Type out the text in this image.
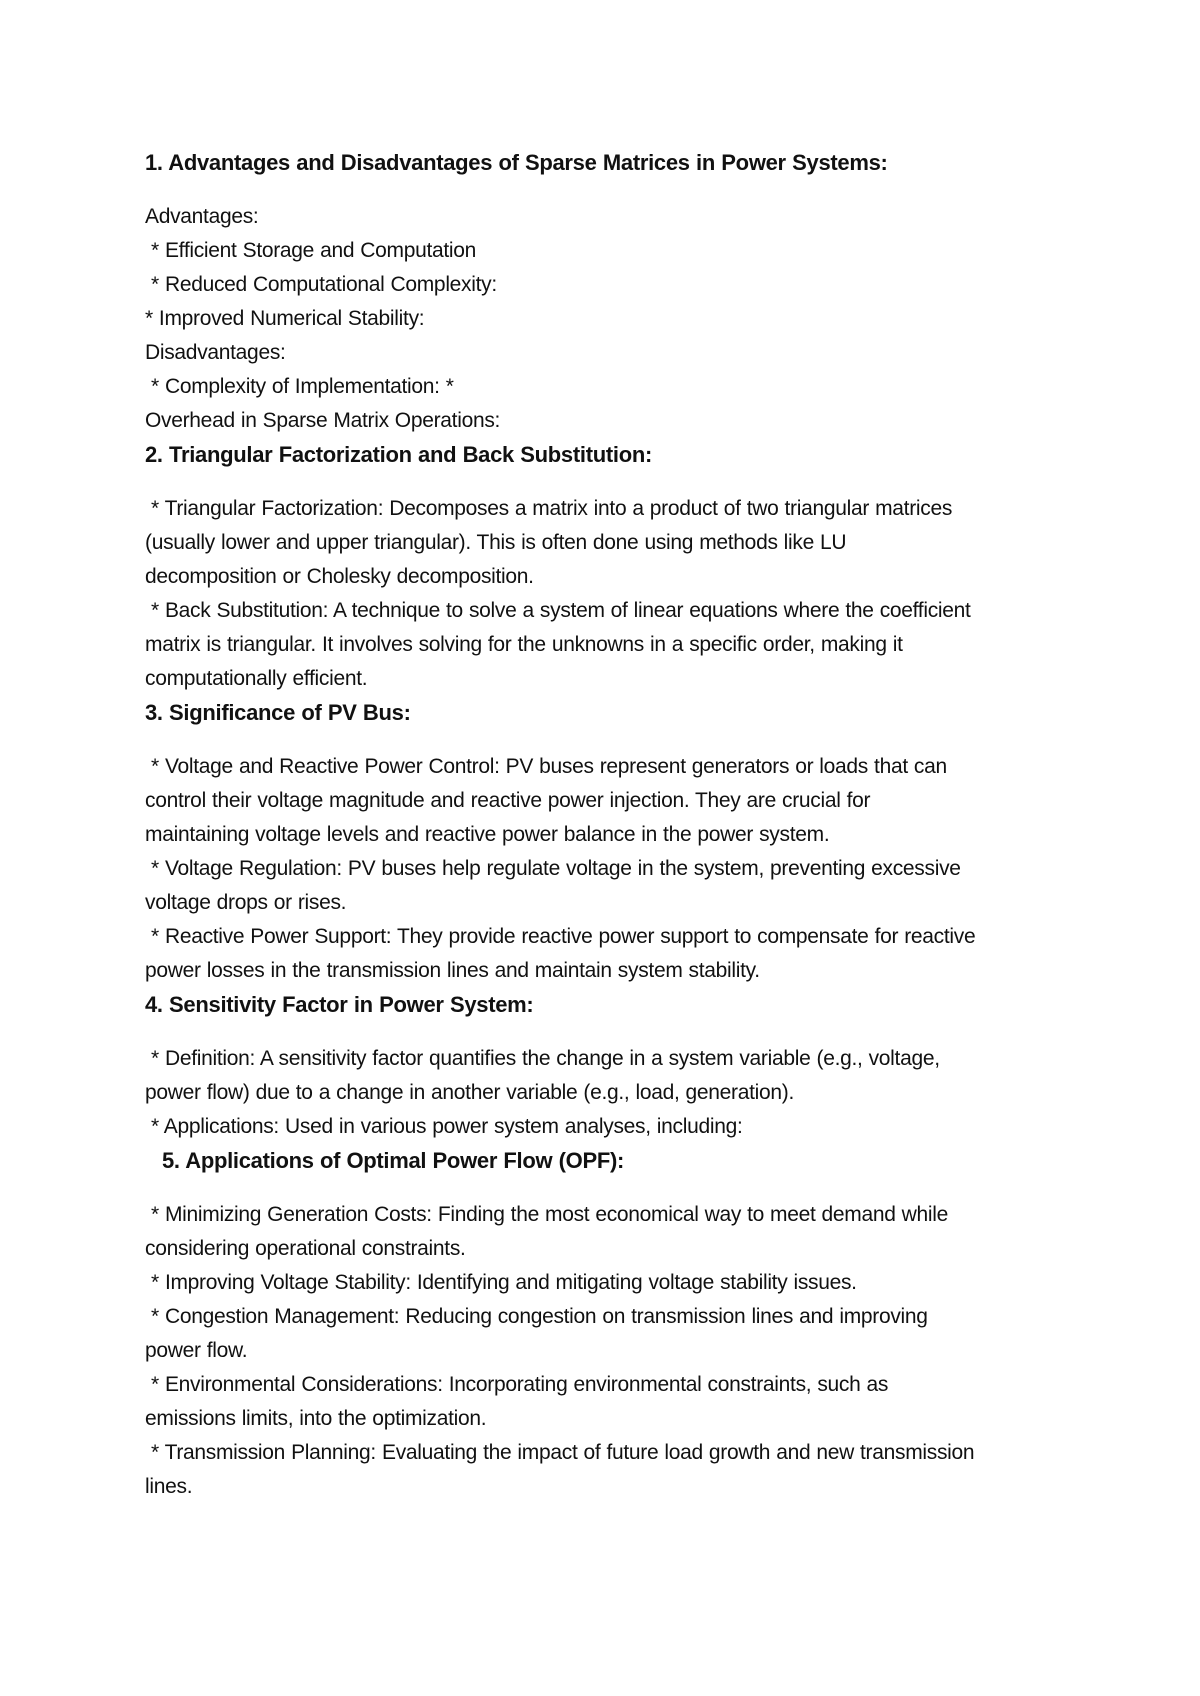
1. Advantages and Disadvantages of Sparse Matrices in Power Systems:

Advantages:

* Efficient Storage and Computation

* Reduced Computational Complexity:

* Improved Numerical Stability:

Disadvantages:

* Complexity of Implementation: *

Overhead in Sparse Matrix Operations:

2. Triangular Factorization and Back Substitution:

* Triangular Factorization: Decomposes a matrix into a product of two triangular matrices

(usually lower and upper triangular). This is often done using methods like LU

decomposition or Cholesky decomposition.

* Back Substitution: A technique to solve a system of linear equations where the coefficient

matrix is triangular. It involves solving for the unknowns in a specific order, making it

computationally efficient.

3. Significance of PV Bus:

* Voltage and Reactive Power Control: PV buses represent generators or loads that can

control their voltage magnitude and reactive power injection. They are crucial for

maintaining voltage levels and reactive power balance in the power system.

* Voltage Regulation: PV buses help regulate voltage in the system, preventing excessive

voltage drops or rises.

* Reactive Power Support: They provide reactive power support to compensate for reactive

power losses in the transmission lines and maintain system stability.

4. Sensitivity Factor in Power System:

* Definition: A sensitivity factor quantifies the change in a system variable (e.g., voltage,

power flow) due to a change in another variable (e.g., load, generation).

* Applications: Used in various power system analyses, including:

5. Applications of Optimal Power Flow (OPF):

* Minimizing Generation Costs: Finding the most economical way to meet demand while

considering operational constraints.

* Improving Voltage Stability: Identifying and mitigating voltage stability issues.

* Congestion Management: Reducing congestion on transmission lines and improving

power flow.

* Environmental Considerations: Incorporating environmental constraints, such as

emissions limits, into the optimization.

* Transmission Planning: Evaluating the impact of future load growth and new transmission

lines.
